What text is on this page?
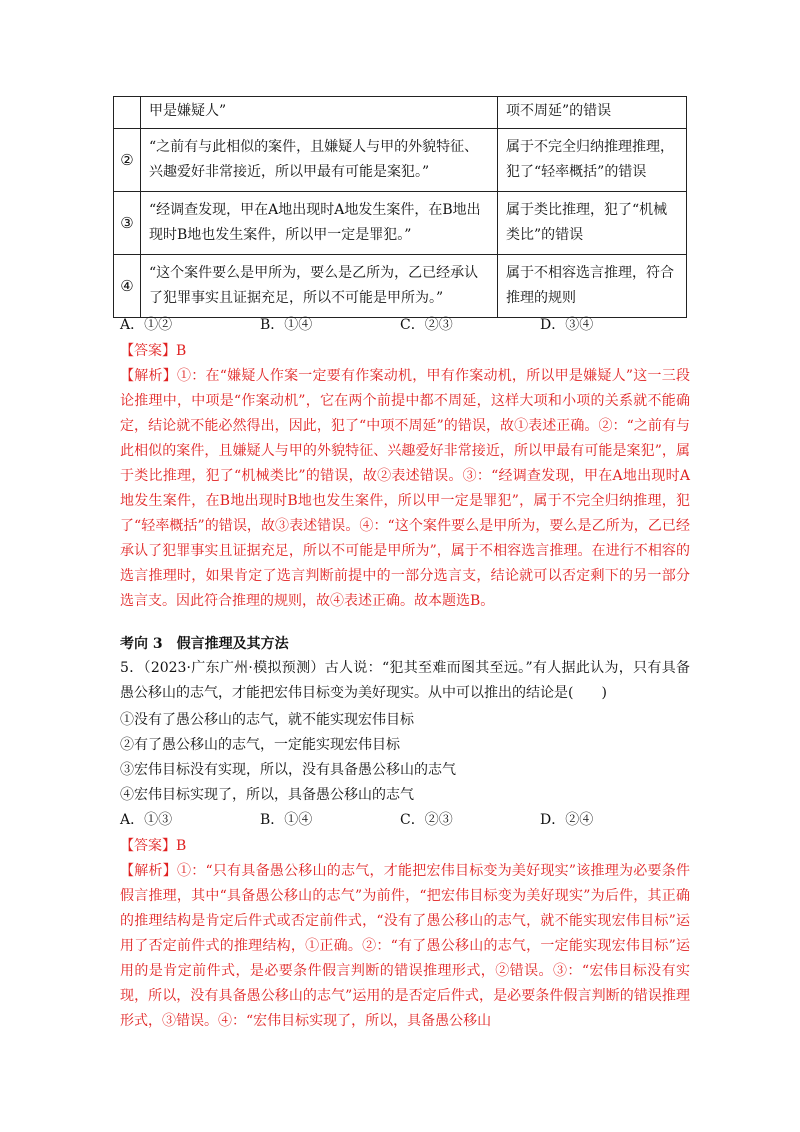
	甲是嫌疑人”	项不周延”的错误
②	“之前有与此相似的案件，且嫌疑人与甲的外貌特征、兴趣爱好非常接近，所以甲最有可能是案犯。”	属于不完全归纳推理推理，犯了“轻率概括”的错误
③	“经调查发现，甲在A地出现时A地发生案件，在B地出现时B地也发生案件，所以甲一定是罪犯。”	属于类比推理，犯了“机械类比”的错误
④	“这个案件要么是甲所为，要么是乙所为，乙已经承认了犯罪事实且证据充足，所以不可能是甲所为。”	属于不相容选言推理，符合推理的规则
A．①②	B．①④	C．②③	D．③④

【答案】B

【解析】①：在“嫌疑人作案一定要有作案动机，甲有作案动机，所以甲是嫌疑人”这一三段论推理中，中项是“作案动机”，它在两个前提中都不周延，这样大项和小项的关系就不能确定，结论就不能必然得出，因此，犯了“中项不周延”的错误，故①表述正确。②：“之前有与此相似的案件，且嫌疑人与甲的外貌特征、兴趣爱好非常接近，所以甲最有可能是案犯”，属于类比推理，犯了“机械类比”的错误，故②表述错误。③：“经调查发现，甲在A地出现时A地发生案件，在B地出现时B地也发生案件，所以甲一定是罪犯”，属于不完全归纳推理，犯了“轻率概括”的错误，故③表述错误。④：“这个案件要么是甲所为，要么是乙所为，乙已经承认了犯罪事实且证据充足，所以不可能是甲所为”，属于不相容选言推理。在进行不相容的选言推理时，如果肯定了选言判断前提中的一部分选言支，结论就可以否定剩下的另一部分选言支。因此符合推理的规则，故④表述正确。故本题选B。

考向 3　假言推理及其方法

5．（2023·广东广州·模拟预测）古人说：“犯其至难而图其至远。”有人据此认为，只有具备愚公移山的志气，才能把宏伟目标变为美好现实。从中可以推出的结论是(　　)

①没有了愚公移山的志气，就不能实现宏伟目标

②有了愚公移山的志气，一定能实现宏伟目标

③宏伟目标没有实现，所以，没有具备愚公移山的志气

④宏伟目标实现了，所以，具备愚公移山的志气

A．①③	B．①④	C．②③	D．②④

【答案】B

【解析】①：“只有具备愚公移山的志气，才能把宏伟目标变为美好现实”该推理为必要条件假言推理，其中“具备愚公移山的志气”为前件，“把宏伟目标变为美好现实”为后件，其正确的推理结构是肯定后件式或否定前件式，“没有了愚公移山的志气，就不能实现宏伟目标”运用了否定前件式的推理结构，①正确。②：“有了愚公移山的志气，一定能实现宏伟目标”运用的是肯定前件式，是必要条件假言判断的错误推理形式，②错误。③：“宏伟目标没有实现，所以，没有具备愚公移山的志气”运用的是否定后件式，是必要条件假言判断的错误推理形式，③错误。④：“宏伟目标实现了，所以，具备愚公移山
